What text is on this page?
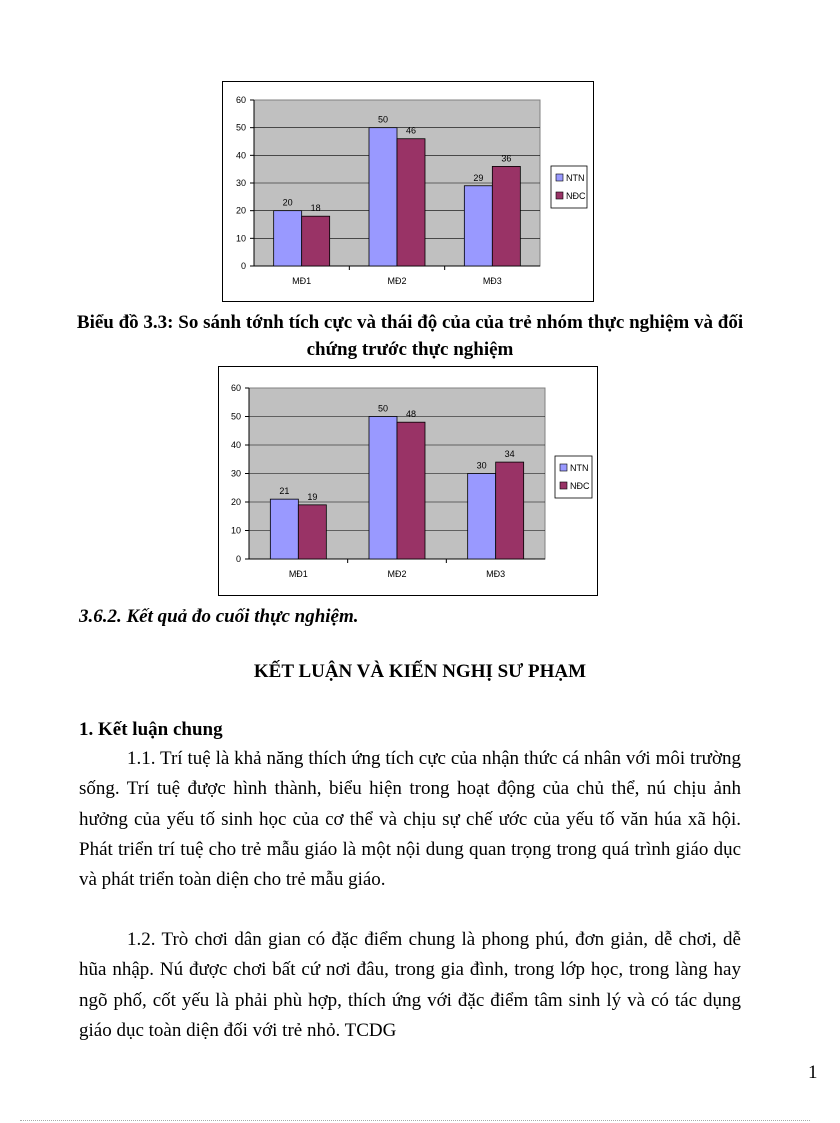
0
10
20
30
40
50
60
20
18
MĐ1
50
46
MĐ2
29
36
MĐ3
NTN
NĐC

Biểu đồ 3.3: So sánh tớnh tích cực và thái độ của của trẻ nhóm thực nghiệm và đối chứng trước thực nghiệm

0
10
20
30
40
50
60
21
19
MĐ1
50
48
MĐ2
30
34
MĐ3
NTN
NĐC

3.6.2. Kết quả đo cuối thực nghiệm.

KẾT LUẬN VÀ KIẾN NGHỊ SƯ PHẠM

1. Kết luận chung

1.1. Trí tuệ là khả năng thích ứng tích cực của nhận thức cá nhân với môi trường sống. Trí tuệ được hình thành, biểu hiện trong hoạt động của chủ thể, nú chịu ảnh hưởng của yếu tố sinh học của cơ thể và chịu sự chế ước của yếu tố văn húa xã hội. Phát triển trí tuệ cho trẻ mẫu giáo là một nội dung quan trọng trong quá trình giáo dục và phát triển toàn diện cho trẻ mẫu giáo.

1.2. Trò chơi dân gian có đặc điểm chung là phong phú, đơn giản, dễ chơi, dễ hũa nhập. Nú được chơi bất cứ nơi đâu, trong gia đình, trong lớp học, trong làng hay ngõ phố, cốt yếu là phải phù hợp, thích ứng với đặc điểm tâm sinh lý và có tác dụng giáo dục toàn diện đối với trẻ nhỏ. TCDG

1
